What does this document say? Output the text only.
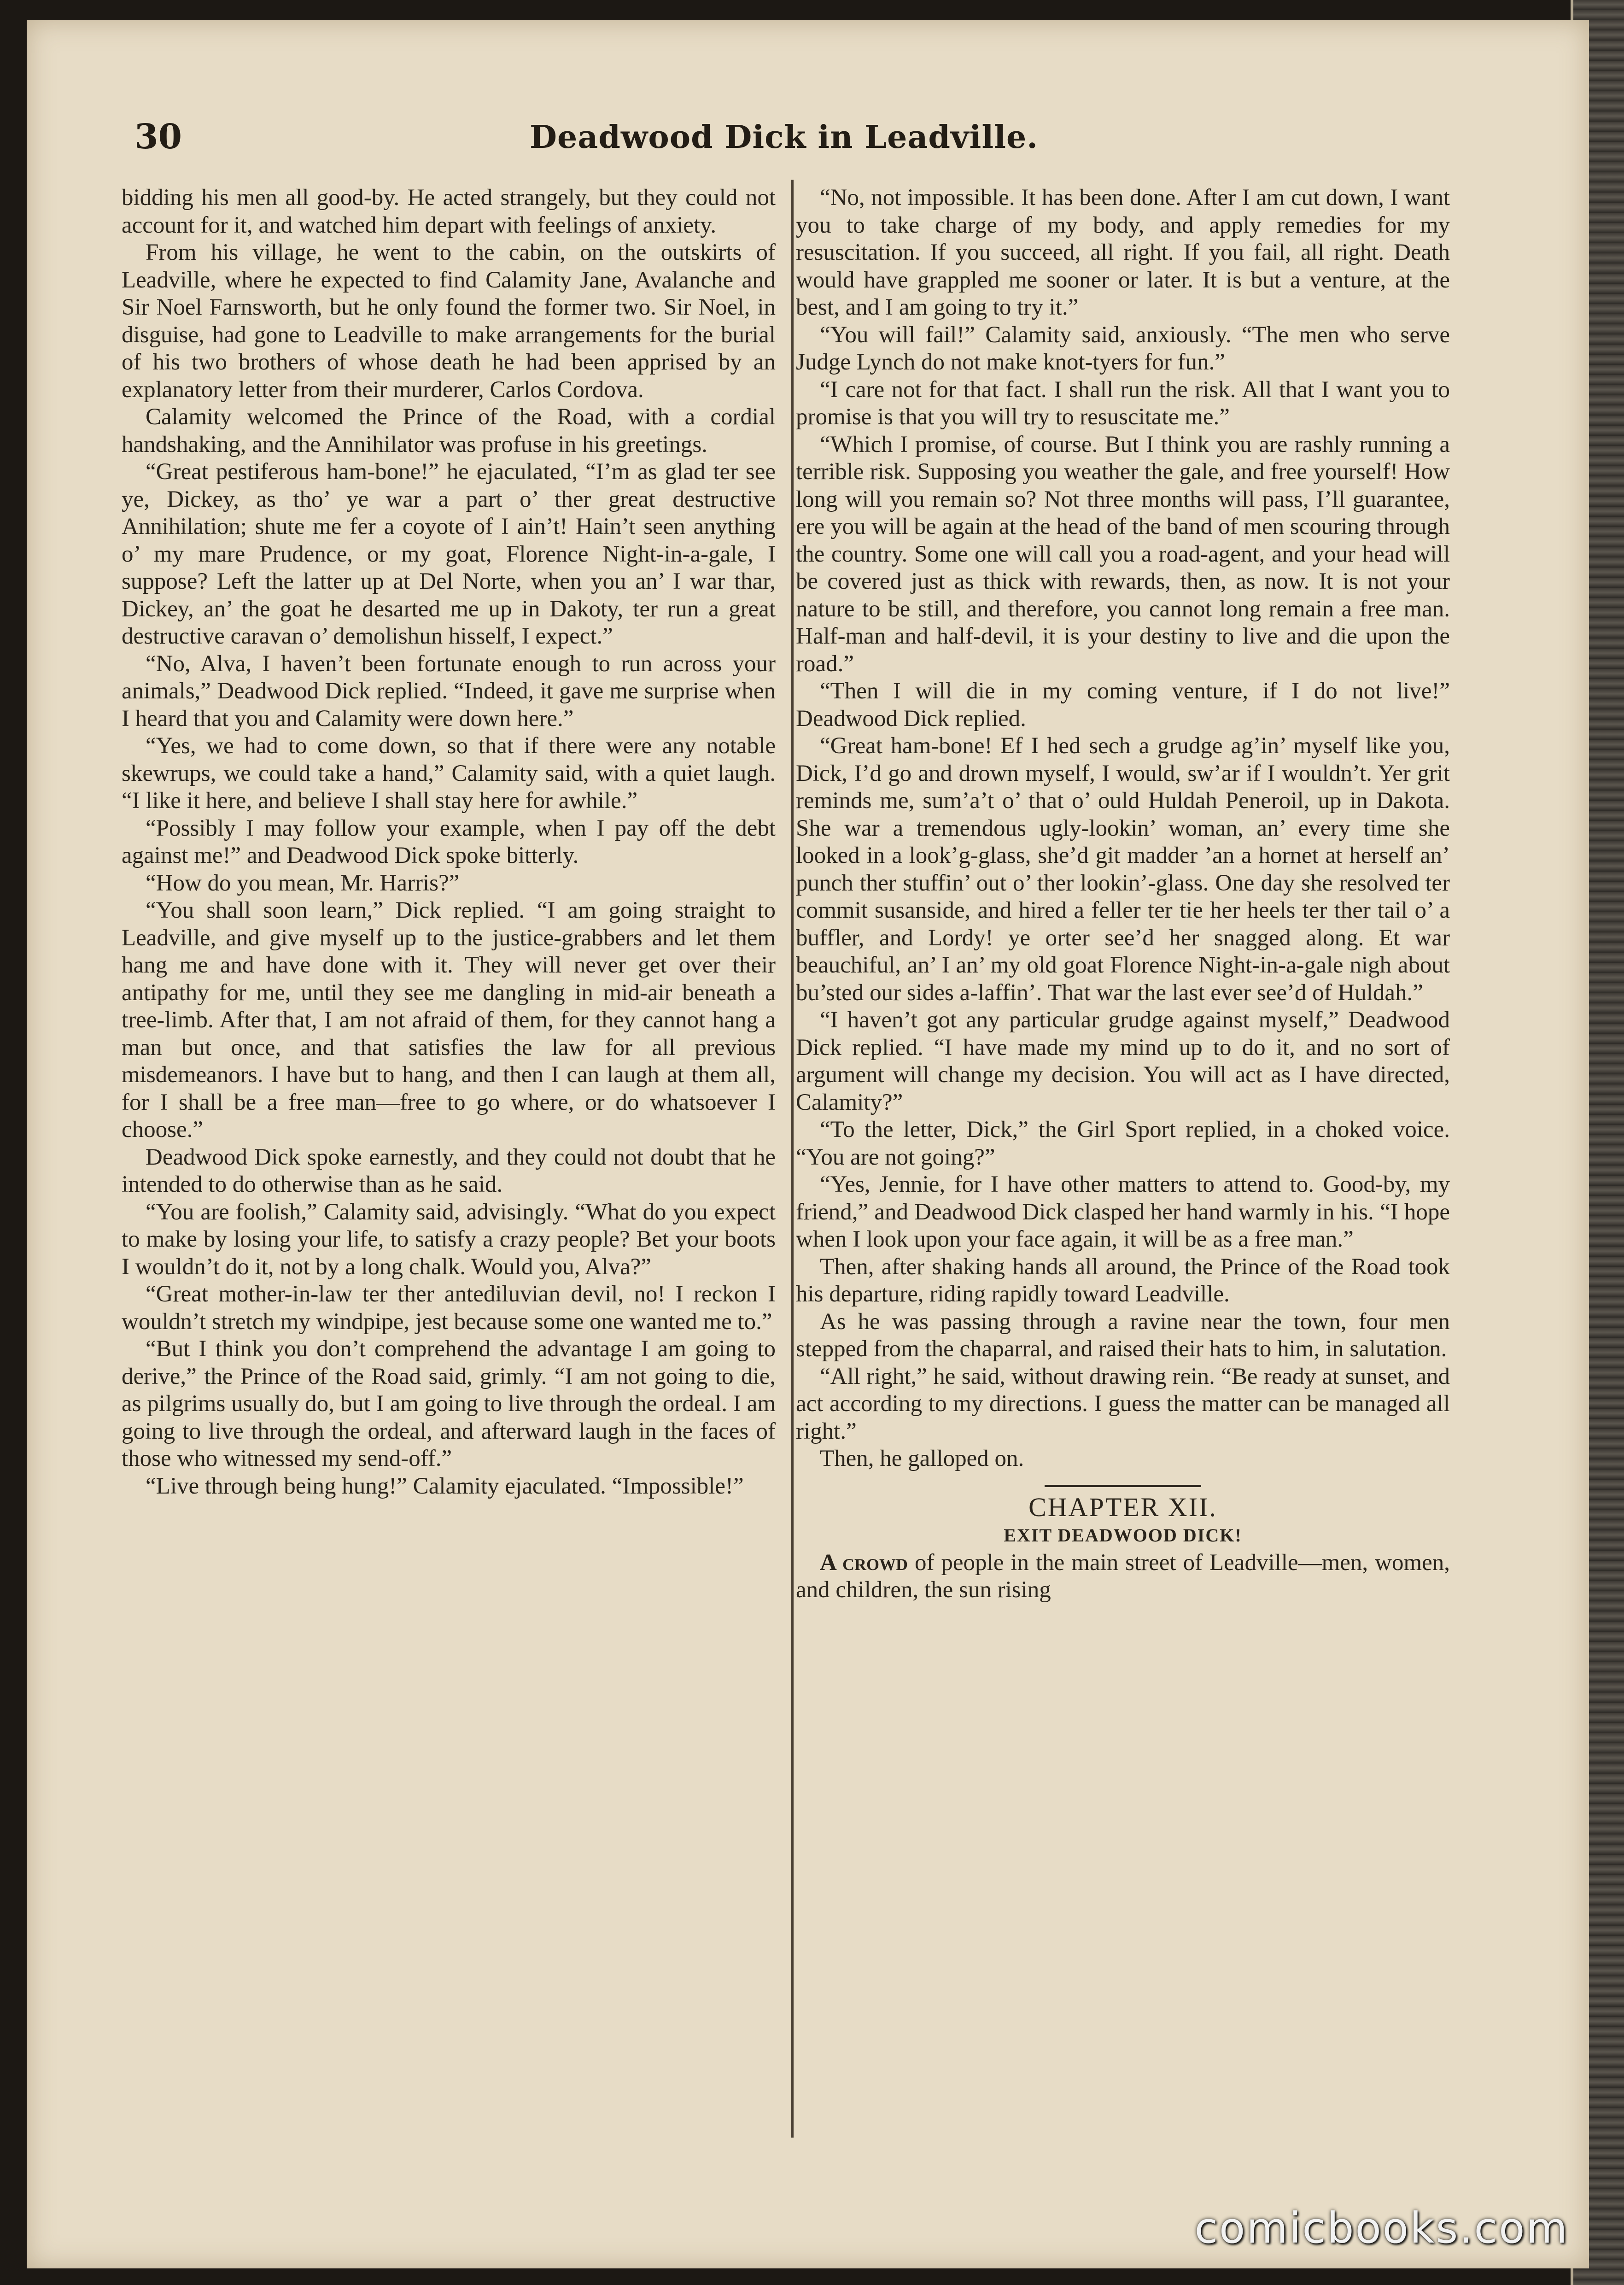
30	Deadwood Dick in Leadville.

bidding his men all good-by. He acted strangely, but they could not account for it, and watched him depart with feelings of anxiety.

From his village, he went to the cabin, on the outskirts of Leadville, where he expected to find Calamity Jane, Avalanche and Sir Noel Farnsworth, but he only found the former two. Sir Noel, in disguise, had gone to Leadville to make arrangements for the burial of his two brothers of whose death he had been apprised by an explanatory letter from their murderer, Carlos Cordova.

Calamity welcomed the Prince of the Road, with a cordial handshaking, and the Annihilator was profuse in his greetings.

“Great pestiferous ham-bone!” he ejaculated, “I’m as glad ter see ye, Dickey, as tho’ ye war a part o’ ther great destructive Annihilation; shute me fer a coyote of I ain’t! Hain’t seen anything o’ my mare Prudence, or my goat, Florence Night-in-a-gale, I suppose? Left the latter up at Del Norte, when you an’ I war thar, Dickey, an’ the goat he desarted me up in Dakoty, ter run a great destructive caravan o’ demolishun hisself, I expect.”

“No, Alva, I haven’t been fortunate enough to run across your animals,” Deadwood Dick replied. “Indeed, it gave me surprise when I heard that you and Calamity were down here.”

“Yes, we had to come down, so that if there were any notable skewrups, we could take a hand,” Calamity said, with a quiet laugh. “I like it here, and believe I shall stay here for awhile.”

“Possibly I may follow your example, when I pay off the debt against me!” and Deadwood Dick spoke bitterly.

“How do you mean, Mr. Harris?”

“You shall soon learn,” Dick replied. “I am going straight to Leadville, and give myself up to the justice-grabbers and let them hang me and have done with it. They will never get over their antipathy for me, until they see me dangling in mid-air beneath a tree-limb. After that, I am not afraid of them, for they cannot hang a man but once, and that satisfies the law for all previous misdemeanors. I have but to hang, and then I can laugh at them all, for I shall be a free man—free to go where, or do whatsoever I choose.”

Deadwood Dick spoke earnestly, and they could not doubt that he intended to do otherwise than as he said.

“You are foolish,” Calamity said, advisingly. “What do you expect to make by losing your life, to satisfy a crazy people? Bet your boots I wouldn’t do it, not by a long chalk. Would you, Alva?”

“Great mother-in-law ter ther antediluvian devil, no! I reckon I wouldn’t stretch my windpipe, jest because some one wanted me to.”

“But I think you don’t comprehend the advantage I am going to derive,” the Prince of the Road said, grimly. “I am not going to die, as pilgrims usually do, but I am going to live through the ordeal. I am going to live through the ordeal, and afterward laugh in the faces of those who witnessed my send-off.”

“Live through being hung!” Calamity ejaculated. “Impossible!”

“No, not impossible. It has been done. After I am cut down, I want you to take charge of my body, and apply remedies for my resuscitation. If you succeed, all right. If you fail, all right. Death would have grappled me sooner or later. It is but a venture, at the best, and I am going to try it.”

“You will fail!” Calamity said, anxiously. “The men who serve Judge Lynch do not make knot-tyers for fun.”

“I care not for that fact. I shall run the risk. All that I want you to promise is that you will try to resuscitate me.”

“Which I promise, of course. But I think you are rashly running a terrible risk. Supposing you weather the gale, and free yourself! How long will you remain so? Not three months will pass, I’ll guarantee, ere you will be again at the head of the band of men scouring through the country. Some one will call you a road-agent, and your head will be covered just as thick with rewards, then, as now. It is not your nature to be still, and therefore, you cannot long remain a free man. Half-man and half-devil, it is your destiny to live and die upon the road.”

“Then I will die in my coming venture, if I do not live!” Deadwood Dick replied.

“Great ham-bone! Ef I hed sech a grudge ag’in’ myself like you, Dick, I’d go and drown myself, I would, sw’ar if I wouldn’t. Yer grit reminds me, sum’a’t o’ that o’ ould Huldah Peneroil, up in Dakota. She war a tremendous ugly-lookin’ woman, an’ every time she looked in a look’g-glass, she’d git madder ’an a hornet at herself an’ punch ther stuffin’ out o’ ther lookin’-glass. One day she resolved ter commit susanside, and hired a feller ter tie her heels ter ther tail o’ a buffler, and Lordy! ye orter see’d her snagged along. Et war beauchiful, an’ I an’ my old goat Florence Night-in-a-gale nigh about bu’sted our sides a-laffin’. That war the last ever see’d of Huldah.”

“I haven’t got any particular grudge against myself,” Deadwood Dick replied. “I have made my mind up to do it, and no sort of argument will change my decision. You will act as I have directed, Calamity?”

“To the letter, Dick,” the Girl Sport replied, in a choked voice. “You are not going?”

“Yes, Jennie, for I have other matters to attend to. Good-by, my friend,” and Deadwood Dick clasped her hand warmly in his. “I hope when I look upon your face again, it will be as a free man.”

Then, after shaking hands all around, the Prince of the Road took his departure, riding rapidly toward Leadville.

As he was passing through a ravine near the town, four men stepped from the chaparral, and raised their hats to him, in salutation.

“All right,” he said, without drawing rein. “Be ready at sunset, and act according to my directions. I guess the matter can be managed all right.”

Then, he galloped on.

CHAPTER XII.
EXIT DEADWOOD DICK!

A crowd of people in the main street of Leadville—men, women, and children, the sun rising

comicbooks.com
